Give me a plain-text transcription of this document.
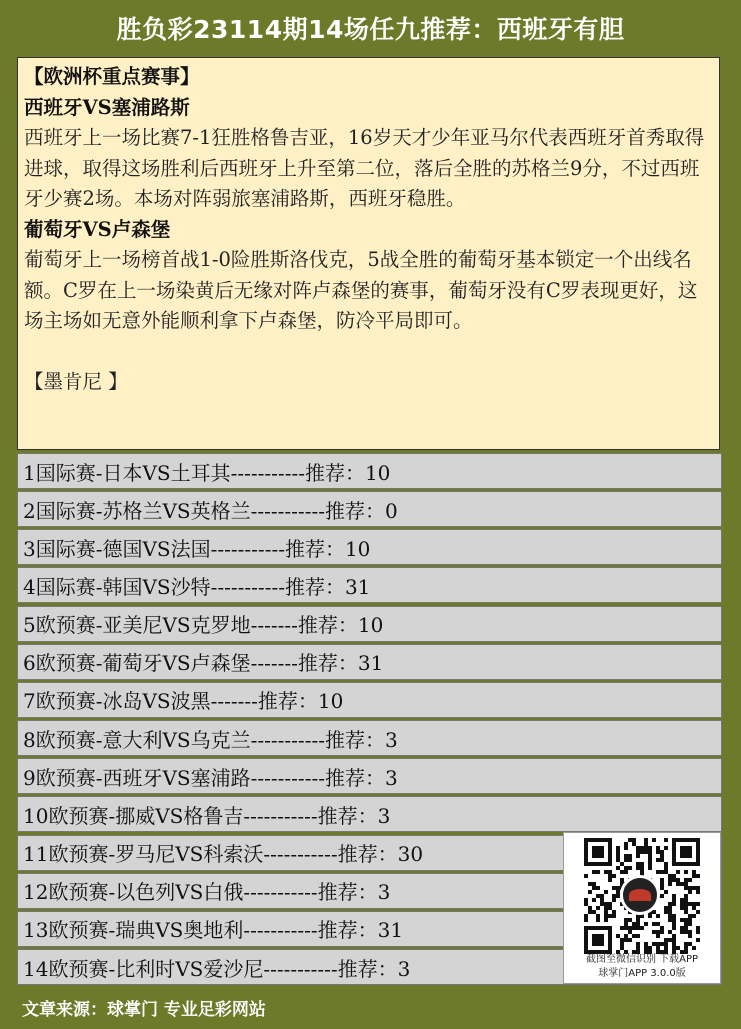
胜负彩23114期14场任九推荐：西班牙有胆

【欧洲杯重点赛事】

西班牙VS塞浦路斯

西班牙上一场比赛7-1狂胜格鲁吉亚，16岁天才少年亚马尔代表西班牙首秀取得进球，取得这场胜利后西班牙上升至第二位，落后全胜的苏格兰9分，不过西班牙少赛2场。本场对阵弱旅塞浦路斯，西班牙稳胜。

葡萄牙VS卢森堡

葡萄牙上一场榜首战1-0险胜斯洛伐克，5战全胜的葡萄牙基本锁定一个出线名额。C罗在上一场染黄后无缘对阵卢森堡的赛事，葡萄牙没有C罗表现更好，这场主场如无意外能顺利拿下卢森堡，防冷平局即可。

【墨肯尼 】

1国际赛-日本VS土耳其-----------推荐：10
2国际赛-苏格兰VS英格兰-----------推荐：0
3国际赛-德国VS法国-----------推荐：10
4国际赛-韩国VS沙特-----------推荐：31
5欧预赛-亚美尼VS克罗地-------推荐：10
6欧预赛-葡萄牙VS卢森堡-------推荐：31
7欧预赛-冰岛VS波黑-------推荐：10
8欧预赛-意大利VS乌克兰-----------推荐：3
9欧预赛-西班牙VS塞浦路-----------推荐：3
10欧预赛-挪威VS格鲁吉-----------推荐：3
11欧预赛-罗马尼VS科索沃-----------推荐：30
12欧预赛-以色列VS白俄-----------推荐：3
13欧预赛-瑞典VS奥地利-----------推荐：31
14欧预赛-比利时VS爱沙尼-----------推荐：3	截图至微信识别 下载APP
球掌门APP 3.0.0版
文章来源：球掌门 专业足彩网站
